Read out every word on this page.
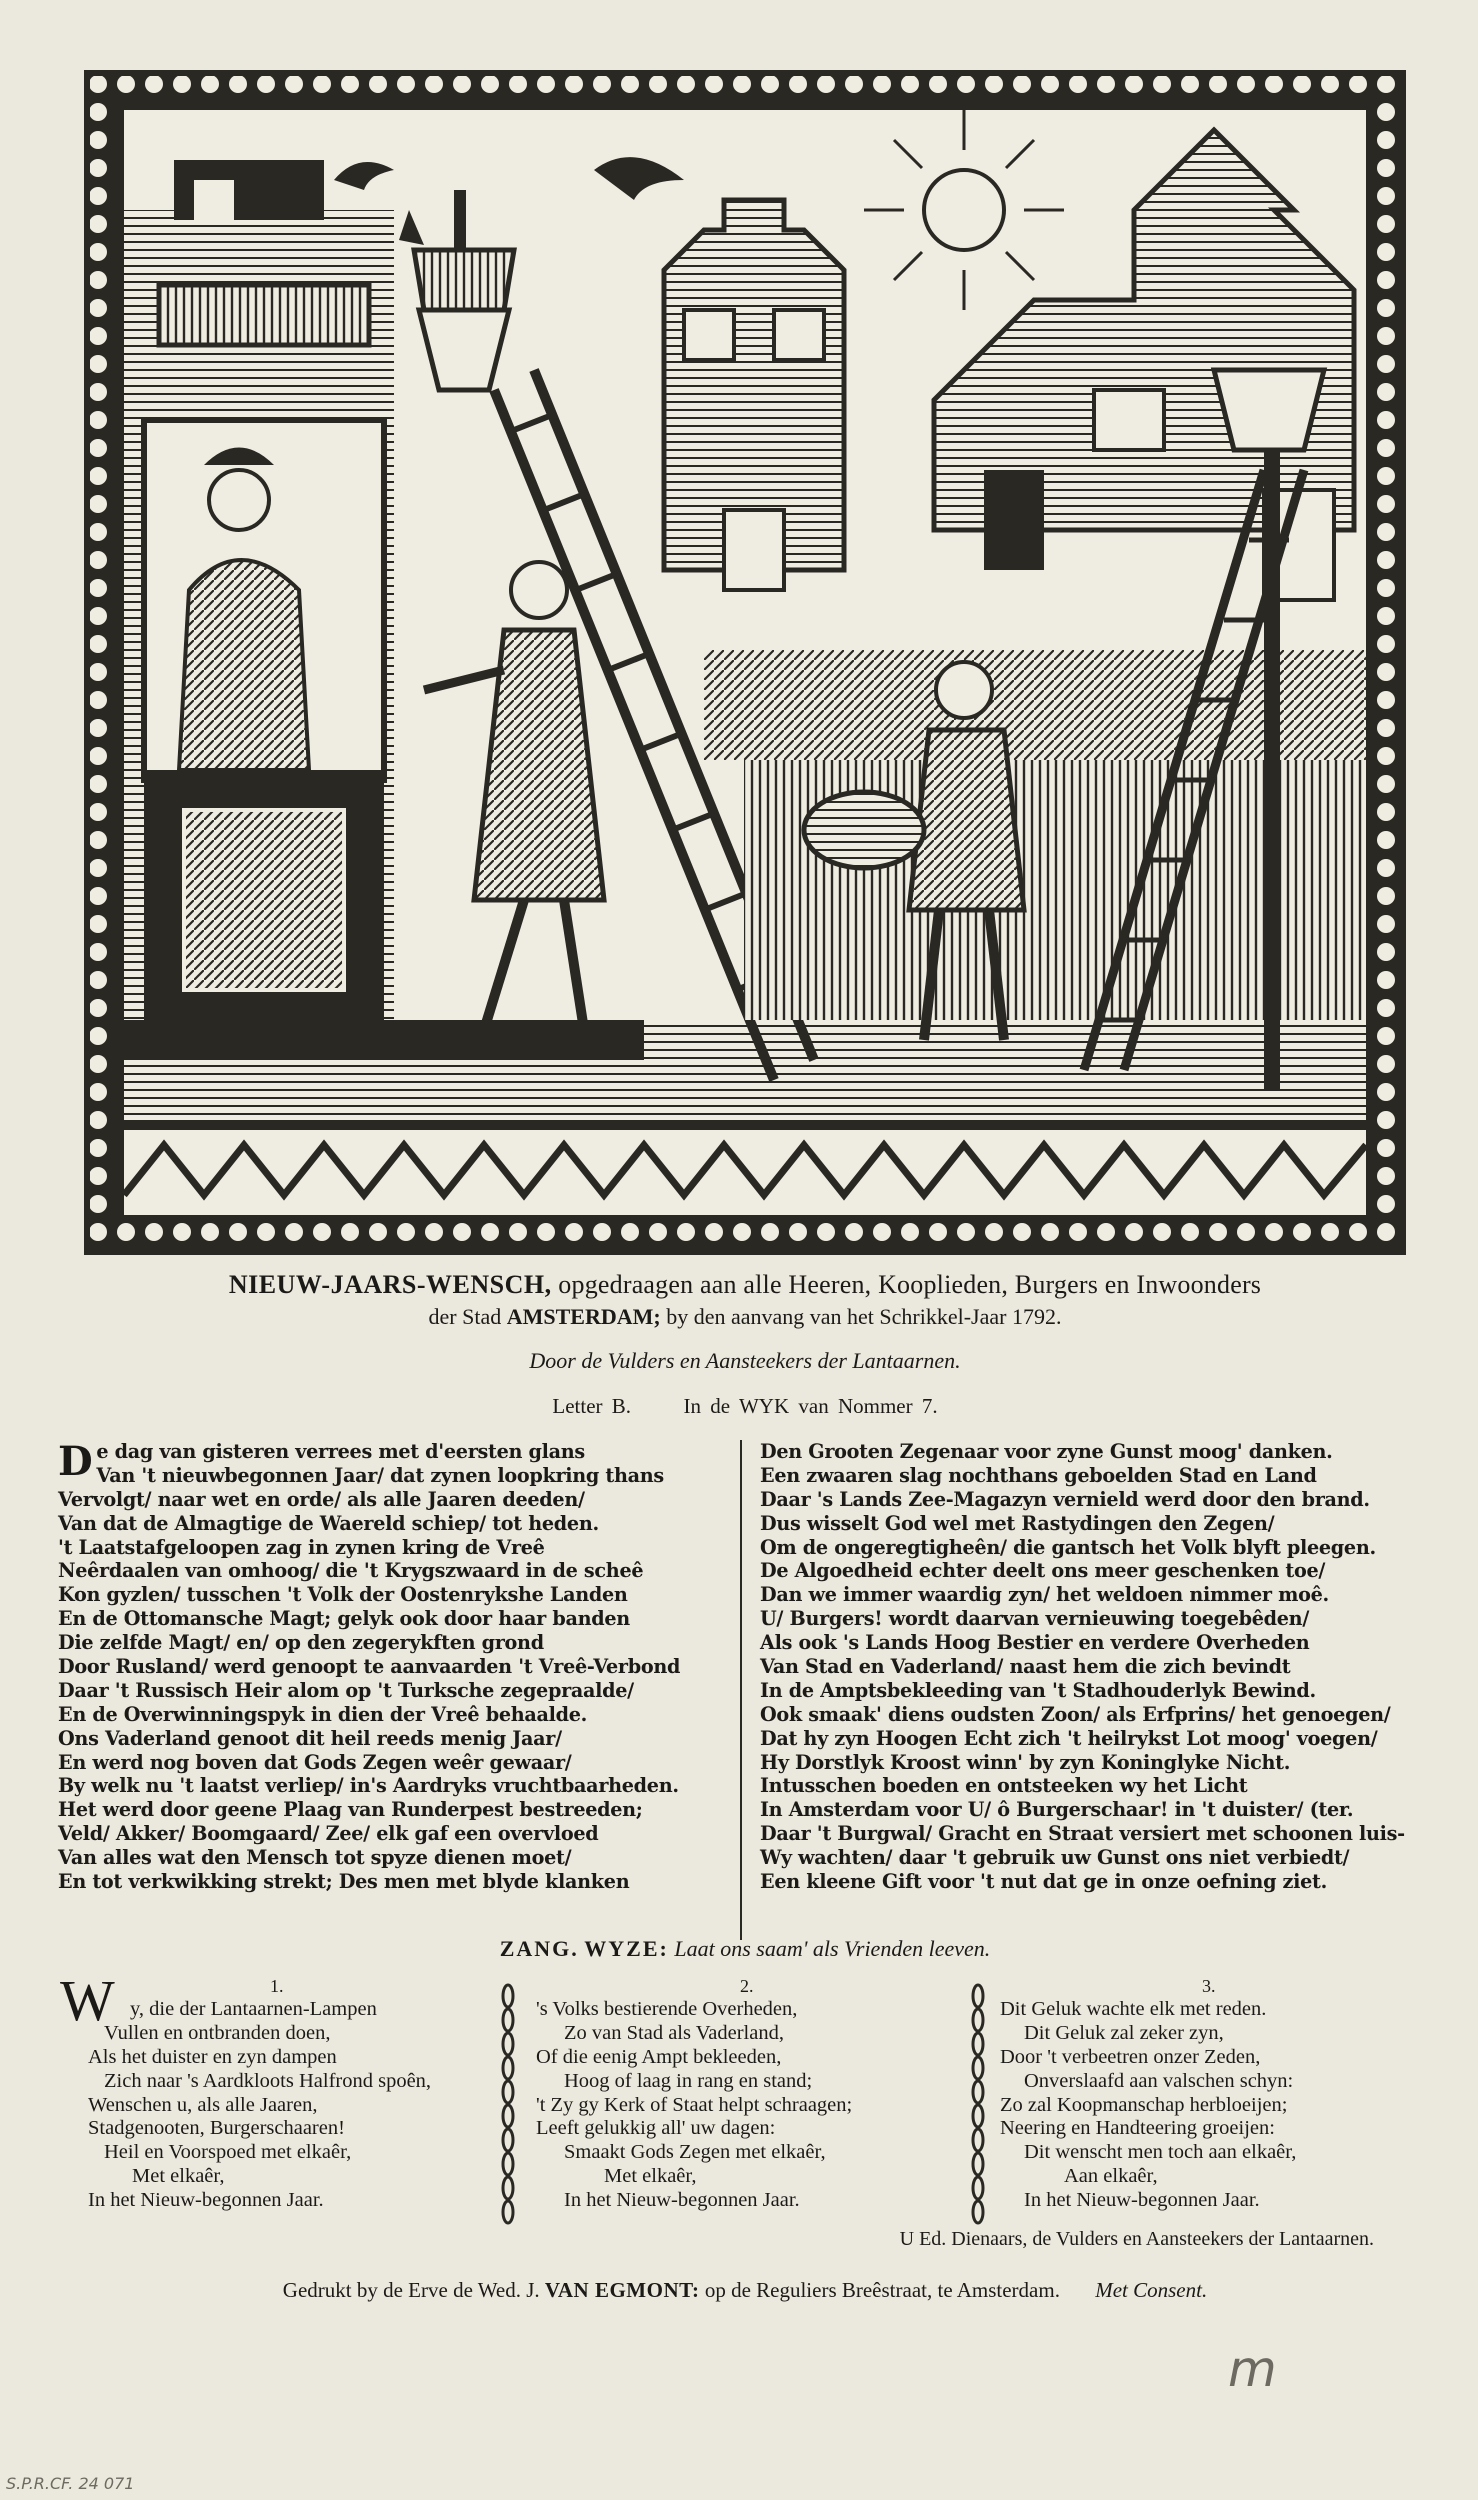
NIEUW-JAARS-WENSCH, opgedraagen aan alle Heeren, Kooplieden, Burgers en Inwoonders
der Stad AMSTERDAM; by den aanvang van het Schrikkel-Jaar 1792.
Door de Vulders en Aansteekers der Lantaarnen.
Letter B.	In de WYK van Nommer 7.
De dag van gisteren verrees met d'eersten glans
Van 't nieuwbegonnen Jaar/ dat zynen loopkring thans
Vervolgt/ naar wet en orde/ als alle Jaaren deeden/
Van dat de Almagtige de Waereld schiep/ tot heden.
't Laatstafgeloopen zag in zynen kring de Vreê
Neêrdaalen van omhoog/ die 't Krygszwaard in de scheê
Kon gyzlen/ tusschen 't Volk der Oostenrykshe Landen
En de Ottomansche Magt; gelyk ook door haar banden
Die zelfde Magt/ en/ op den zegerykften grond
Door Rusland/ werd genoopt te aanvaarden 't Vreê-Verbond
Daar 't Russisch Heir alom op 't Turksche zegepraalde/
En de Overwinningspyk in dien der Vreê behaalde.
Ons Vaderland genoot dit heil reeds menig Jaar/
En werd nog boven dat Gods Zegen weêr gewaar/
By welk nu 't laatst verliep/ in's Aardryks vruchtbaarheden.
Het werd door geene Plaag van Runderpest bestreeden;
Veld/ Akker/ Boomgaard/ Zee/ elk gaf een overvloed
Van alles wat den Mensch tot spyze dienen moet/
En tot verkwikking strekt; Des men met blyde klanken
Den Grooten Zegenaar voor zyne Gunst moog' danken.
Een zwaaren slag nochthans geboelden Stad en Land
Daar 's Lands Zee-Magazyn vernield werd door den brand.
Dus wisselt God wel met Rastydingen den Zegen/
Om de ongeregtigheên/ die gantsch het Volk blyft pleegen.
De Algoedheid echter deelt ons meer geschenken toe/
Dan we immer waardig zyn/ het weldoen nimmer moê.
U/ Burgers! wordt daarvan vernieuwing toegebêden/
Als ook 's Lands Hoog Bestier en verdere Overheden
Van Stad en Vaderland/ naast hem die zich bevindt
In de Amptsbekleeding van 't Stadhouderlyk Bewind.
Ook smaak' diens oudsten Zoon/ als Erfprins/ het genoegen/
Dat hy zyn Hoogen Echt zich 't heilrykst Lot moog' voegen/
Hy Dorstlyk Kroost winn' by zyn Koninglyke Nicht.
Intusschen boeden en ontsteeken wy het Licht
In Amsterdam voor U/ ô Burgerschaar! in 't duister/ (ter.
Daar 't Burgwal/ Gracht en Straat versiert met schoonen luis-
Wy wachten/ daar 't gebruik uw Gunst ons niet verbiedt/
Een kleene Gift voor 't nut dat ge in onze oefning ziet.
ZANG. WYZE: Laat ons saam' als Vrienden leeven.
W	1.
y, die der Lantaarnen-Lampen
Vullen en ontbranden doen,
Als het duister en zyn dampen
Zich naar 's Aardkloots Halfrond spoên,
Wenschen u, als alle Jaaren,
Stadgenooten, Burgerschaaren!
Heil en Voorspoed met elkaêr,
Met elkaêr,
In het Nieuw-begonnen Jaar.
2.
's Volks bestierende Overheden,
Zo van Stad als Vaderland,
Of die eenig Ampt bekleeden,
Hoog of laag in rang en stand;
't Zy gy Kerk of Staat helpt schraagen;
Leeft gelukkig all' uw dagen:
Smaakt Gods Zegen met elkaêr,
Met elkaêr,
In het Nieuw-begonnen Jaar.
3.
Dit Geluk wachte elk met reden.
Dit Geluk zal zeker zyn,
Door 't verbeetren onzer Zeden,
Onverslaafd aan valschen schyn:
Zo zal Koopmanschap herbloeijen;
Neering en Handteering groeijen:
Dit wenscht men toch aan elkaêr,
Aan elkaêr,
In het Nieuw-begonnen Jaar.
U Ed. Dienaars, de Vulders en Aansteekers der Lantaarnen.
Gedrukt by de Erve de Wed. J. VAN EGMONT: op de Reguliers Breêstraat, te Amsterdam. Met Consent.
m
S.P.R.CF. 24 071
